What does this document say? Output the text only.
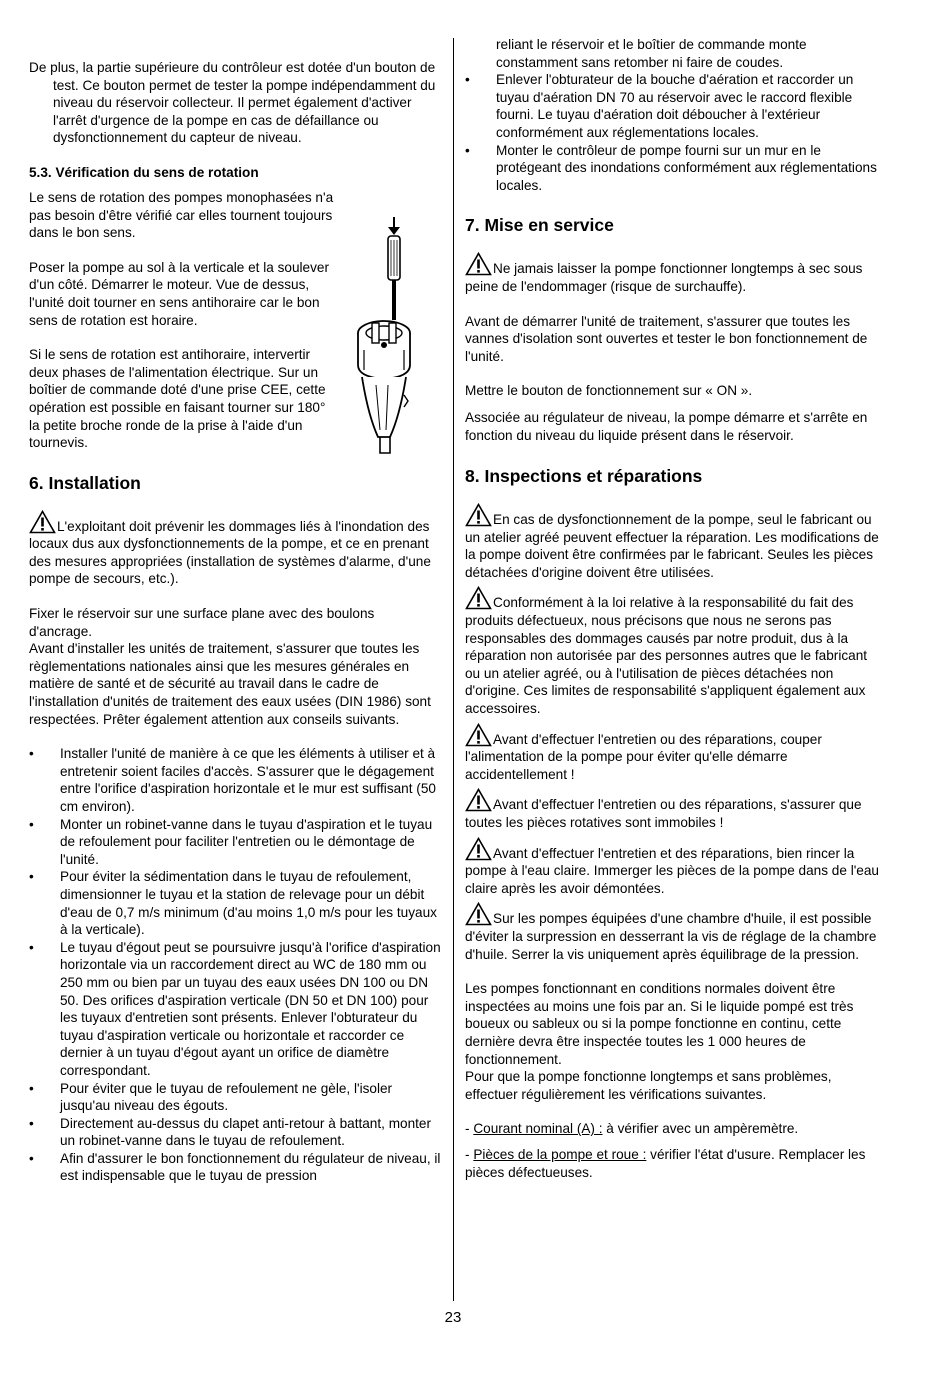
De plus, la partie supérieure du contrôleur est dotée d'un bouton de test. Ce bouton permet de tester la pompe indépendamment du niveau du réservoir collecteur. Il permet également d'activer l'arrêt d'urgence de la pompe en cas de défaillance ou dysfonctionnement du capteur de niveau.

5.3. Vérification du sens de rotation

Le sens de rotation des pompes monophasées n'a pas besoin d'être vérifié car elles tournent toujours dans le bon sens.

Poser la pompe au sol à la verticale et la soulever d'un côté. Démarrer le moteur. Vue de dessus, l'unité doit tourner en sens antihoraire car le bon sens de rotation est horaire.

Si le sens de rotation est antihoraire, intervertir deux phases de l'alimentation électrique. Sur un boîtier de commande doté d'une prise CEE, cette opération est possible en faisant tourner sur 180° la petite broche ronde de la prise à l'aide d'un tournevis.

6. Installation

L'exploitant doit prévenir les dommages liés à l'inondation des locaux dus aux dysfonctionnements de la pompe, et ce en prenant des mesures appropriées (installation de systèmes d'alarme, d'une pompe de secours, etc.).

Fixer le réservoir sur une surface plane avec des boulons d'ancrage.

Avant d'installer les unités de traitement, s'assurer que toutes les règlementations nationales ainsi que les mesures générales en matière de santé et de sécurité au travail dans le cadre de l'installation d'unités de traitement des eaux usées (DIN 1986) sont respectées. Prêter également attention aux conseils suivants.

• Installer l'unité de manière à ce que les éléments à utiliser et à entretenir soient faciles d'accès. S'assurer que le dégagement entre l'orifice d'aspiration horizontale et le mur est suffisant (50 cm environ).
• Monter un robinet-vanne dans le tuyau d'aspiration et le tuyau de refoulement pour faciliter l'entretien ou le démontage de l'unité.
• Pour éviter la sédimentation dans le tuyau de refoulement, dimensionner le tuyau et la station de relevage pour un débit d'eau de 0,7 m/s minimum (d'au moins 1,0 m/s pour les tuyaux à la verticale).
• Le tuyau d'égout peut se poursuivre jusqu'à l'orifice d'aspiration horizontale via un raccordement direct au WC de 180 mm ou 250 mm ou bien par un tuyau des eaux usées DN 100 ou DN 50. Des orifices d'aspiration verticale (DN 50 et DN 100) pour les tuyaux d'entretien sont présents. Enlever l'obturateur du tuyau d'aspiration verticale ou horizontale et raccorder ce dernier à un tuyau d'égout ayant un orifice de diamètre correspondant.
• Pour éviter que le tuyau de refoulement ne gèle, l'isoler jusqu'au niveau des égouts.
• Directement au-dessus du clapet anti-retour à battant, monter un robinet-vanne dans le tuyau de refoulement.
• Afin d'assurer le bon fonctionnement du régulateur de niveau, il est indispensable que le tuyau de pression

reliant le réservoir et le boîtier de commande monte constamment sans retomber ni faire de coudes.

• Enlever l'obturateur de la bouche d'aération et raccorder un tuyau d'aération DN 70 au réservoir avec le raccord flexible fourni. Le tuyau d'aération doit déboucher à l'extérieur conformément aux réglementations locales.
• Monter le contrôleur de pompe fourni sur un mur en le protégeant des inondations conformément aux réglementations locales.
7. Mise en service

Ne jamais laisser la pompe fonctionner longtemps à sec sous peine de l'endommager (risque de surchauffe).

Avant de démarrer l'unité de traitement, s'assurer que toutes les vannes d'isolation sont ouvertes et tester le bon fonctionnement de l'unité.

Mettre le bouton de fonctionnement sur « ON ».

Associée au régulateur de niveau, la pompe démarre et s'arrête en fonction du niveau du liquide présent dans le réservoir.

8. Inspections et réparations

En cas de dysfonctionnement de la pompe, seul le fabricant ou un atelier agréé peuvent effectuer la réparation. Les modifications de la pompe doivent être confirmées par le fabricant. Seules les pièces détachées d'origine doivent être utilisées.

Conformément à la loi relative à la responsabilité du fait des produits défectueux, nous précisons que nous ne serons pas responsables des dommages causés par notre produit, dus à la réparation non autorisée par des personnes autres que le fabricant ou un atelier agréé, ou à l'utilisation de pièces détachées non d'origine. Ces limites de responsabilité s'appliquent également aux accessoires.

Avant d'effectuer l'entretien ou des réparations, couper l'alimentation de la pompe pour éviter qu'elle démarre accidentellement !

Avant d'effectuer l'entretien ou des réparations, s'assurer que toutes les pièces rotatives sont immobiles !

Avant d'effectuer l'entretien et des réparations, bien rincer la pompe à l'eau claire. Immerger les pièces de la pompe dans de l'eau claire après les avoir démontées.

Sur les pompes équipées d'une chambre d'huile, il est possible d'éviter la surpression en desserrant la vis de réglage de la chambre d'huile. Serrer la vis uniquement après équilibrage de la pression.

Les pompes fonctionnant en conditions normales doivent être inspectées au moins une fois par an. Si le liquide pompé est très boueux ou sableux ou si la pompe fonctionne en continu, cette dernière devra être inspectée toutes les 1 000 heures de fonctionnement.

Pour que la pompe fonctionne longtemps et sans problèmes, effectuer régulièrement les vérifications suivantes.

- Courant nominal (A) : à vérifier avec un ampèremètre.

- Pièces de la pompe et roue : vérifier l'état d'usure. Remplacer les pièces défectueuses.

23
